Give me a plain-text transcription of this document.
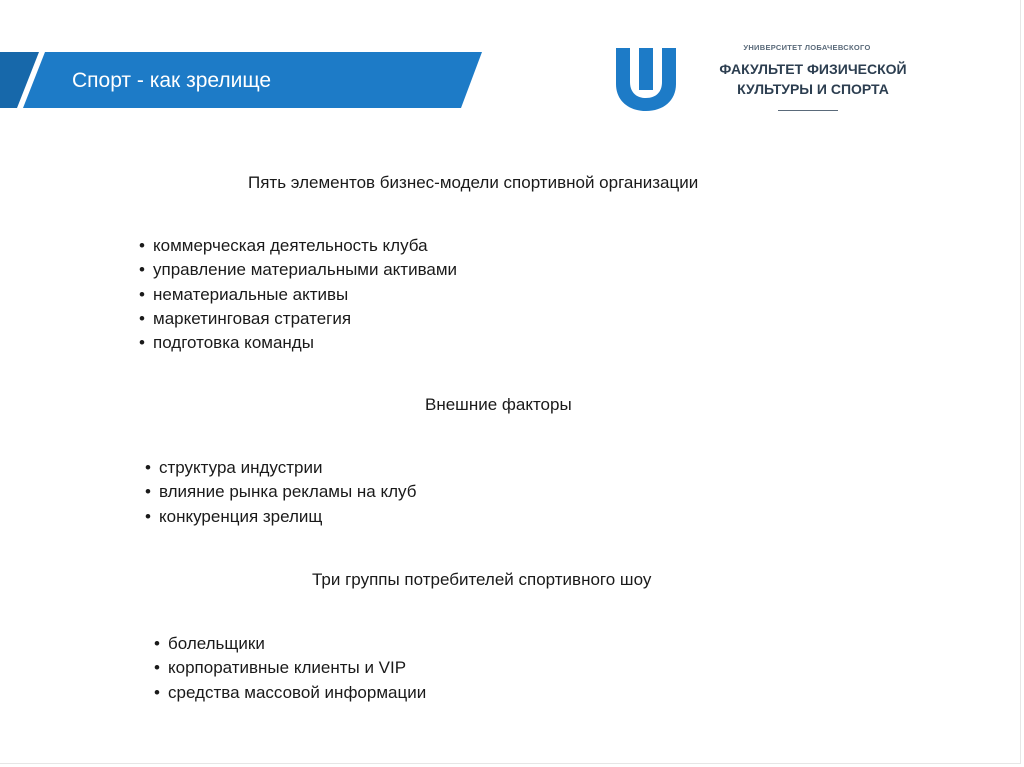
Спорт - как зрелище
УНИВЕРСИТЕТ ЛОБАЧЕВСКОГО
ФАКУЛЬТЕТ ФИЗИЧЕСКОЙ
КУЛЬТУРЫ И СПОРТА
Пять элементов бизнес-модели спортивной организации
• коммерческая деятельность клуба
• управление материальными активами
• нематериальные активы
• маркетинговая стратегия
• подготовка команды
Внешние факторы
• структура индустрии
• влияние рынка рекламы на клуб
• конкуренция зрелищ
Три группы потребителей спортивного шоу
• болельщики
• корпоративные клиенты и VIP
• средства массовой информации
